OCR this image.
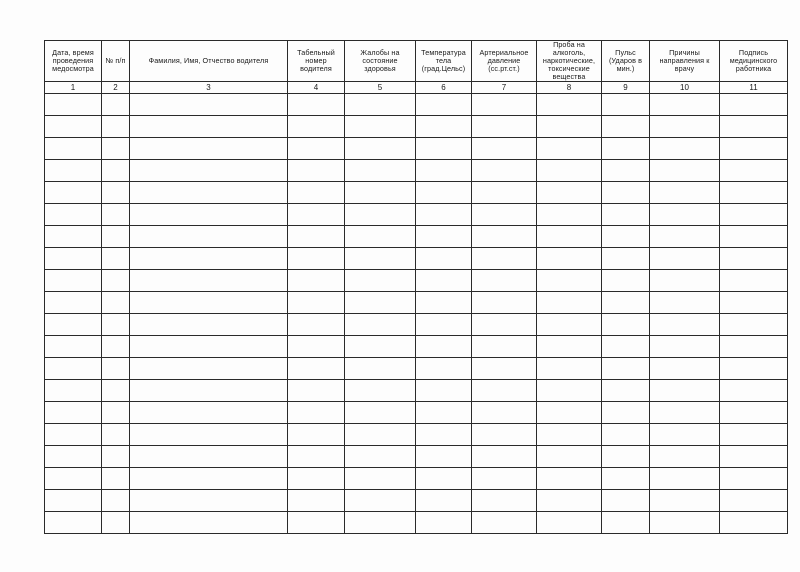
Дата, время проведения медосмотра	№ п/п	Фамилия, Имя, Отчество водителя	Табельный номер водителя	Жалобы на состояние здоровья	Температура тела (град.Цельс)	Артериальное давление (сс.рт.ст.)	Проба на алкоголь, наркотические, токсические вещества	Пульс (Ударов в мин.)	Причины направления к врачу	Подпись медицинского работника

1	2	3	4	5	6	7	8	9	10	11
